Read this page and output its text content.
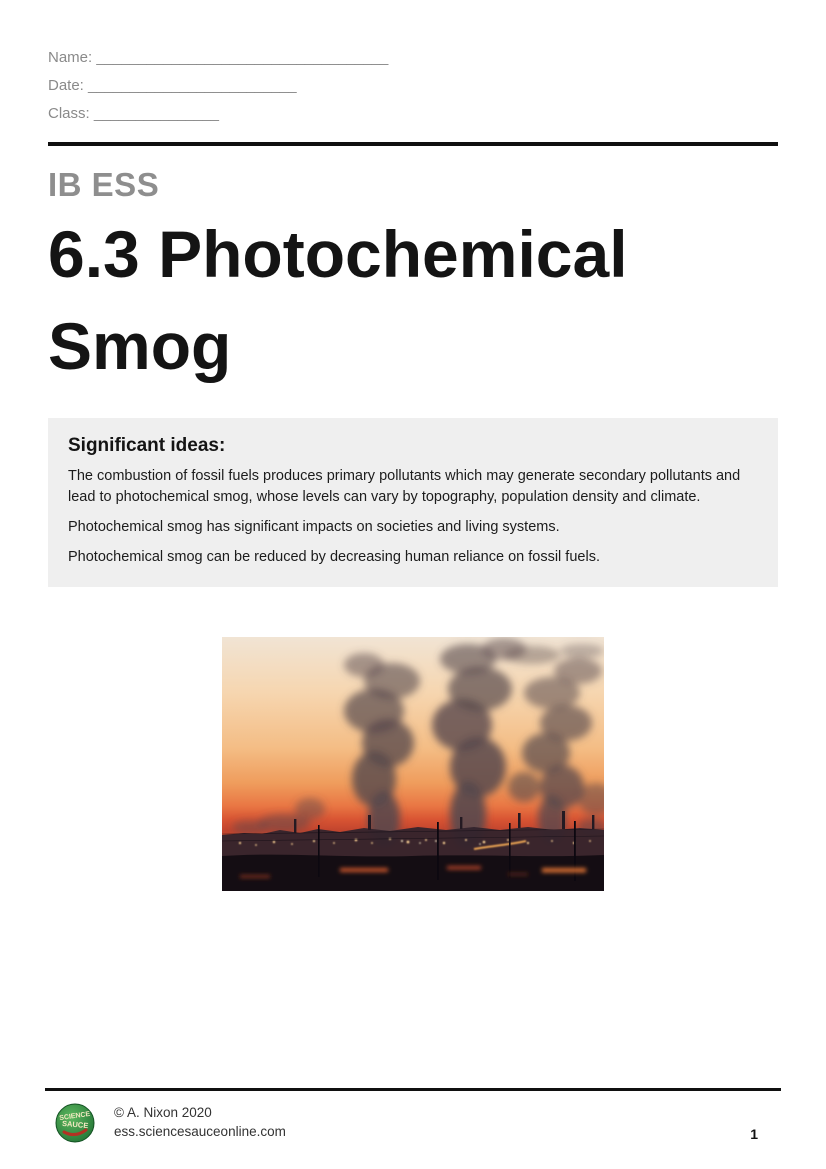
Name: ___________________________________
Date: _________________________
Class: _______________
IB ESS
6.3 Photochemical Smog
Significant ideas:

The combustion of fossil fuels produces primary pollutants which may generate secondary pollutants and lead to photochemical smog, whose levels can vary by topography, population density and climate.

Photochemical smog has significant impacts on societies and living systems.

Photochemical smog can be reduced by decreasing human reliance on fossil fuels.

SCIENCE
SAUCE
© A. Nixon 2020
ess.sciencesauceonline.com	1
